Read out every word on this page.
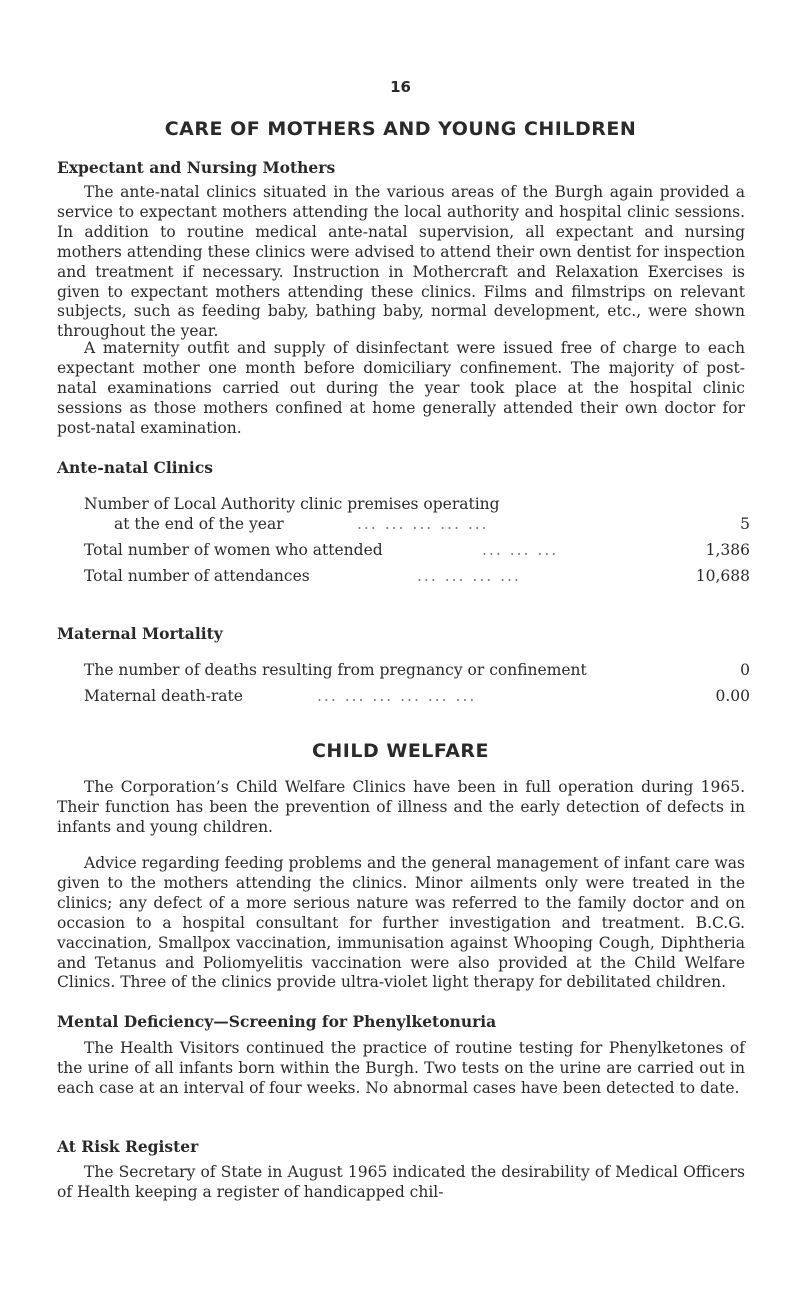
16
CARE OF MOTHERS AND YOUNG CHILDREN
Expectant and Nursing Mothers

The ante-natal clinics situated in the various areas of the Burgh again provided a service to expectant mothers attending the local authority and hospital clinic sessions. In addition to routine medical ante-natal supervision, all expectant and nursing mothers attending these clinics were advised to attend their own dentist for inspection and treatment if necessary. Instruction in Mothercraft and Relaxation Exercises is given to expectant mothers attending these clinics. Films and filmstrips on relevant subjects, such as feeding baby, bathing baby, normal development, etc., were shown throughout the year.

A maternity outfit and supply of disinfectant were issued free of charge to each expectant mother one month before domiciliary confinement. The majority of post-natal examinations carried out during the year took place at the hospital clinic sessions as those mothers confined at home generally attended their own doctor for post-natal examination.

Ante-natal Clinics
Number of Local Authority clinic premises operating
at the end of the year	... ... ... ... ...	5
Total number of women who attended	... ... ...	1,386
Total number of attendances	... ... ... ...	10,688
Maternal Mortality
The number of deaths resulting from pregnancy or confinement	0
Maternal death-rate	... ... ... ... ... ...	0.00
CHILD WELFARE

The Corporation’s Child Welfare Clinics have been in full operation during 1965. Their function has been the prevention of illness and the early detection of defects in infants and young children.

Advice regarding feeding problems and the general management of infant care was given to the mothers attending the clinics. Minor ailments only were treated in the clinics; any defect of a more serious nature was referred to the family doctor and on occasion to a hospital consultant for further investigation and treatment. B.C.G. vaccination, Smallpox vaccination, immunisation against Whooping Cough, Diphtheria and Tetanus and Poliomyelitis vaccination were also provided at the Child Welfare Clinics. Three of the clinics provide ultra-violet light therapy for debilitated children.

Mental Deficiency—Screening for Phenylketonuria

The Health Visitors continued the practice of routine testing for Phenylketones of the urine of all infants born within the Burgh. Two tests on the urine are carried out in each case at an interval of four weeks. No abnormal cases have been detected to date.

At Risk Register

The Secretary of State in August 1965 indicated the desirability of Medical Officers of Health keeping a register of handicapped chil-
